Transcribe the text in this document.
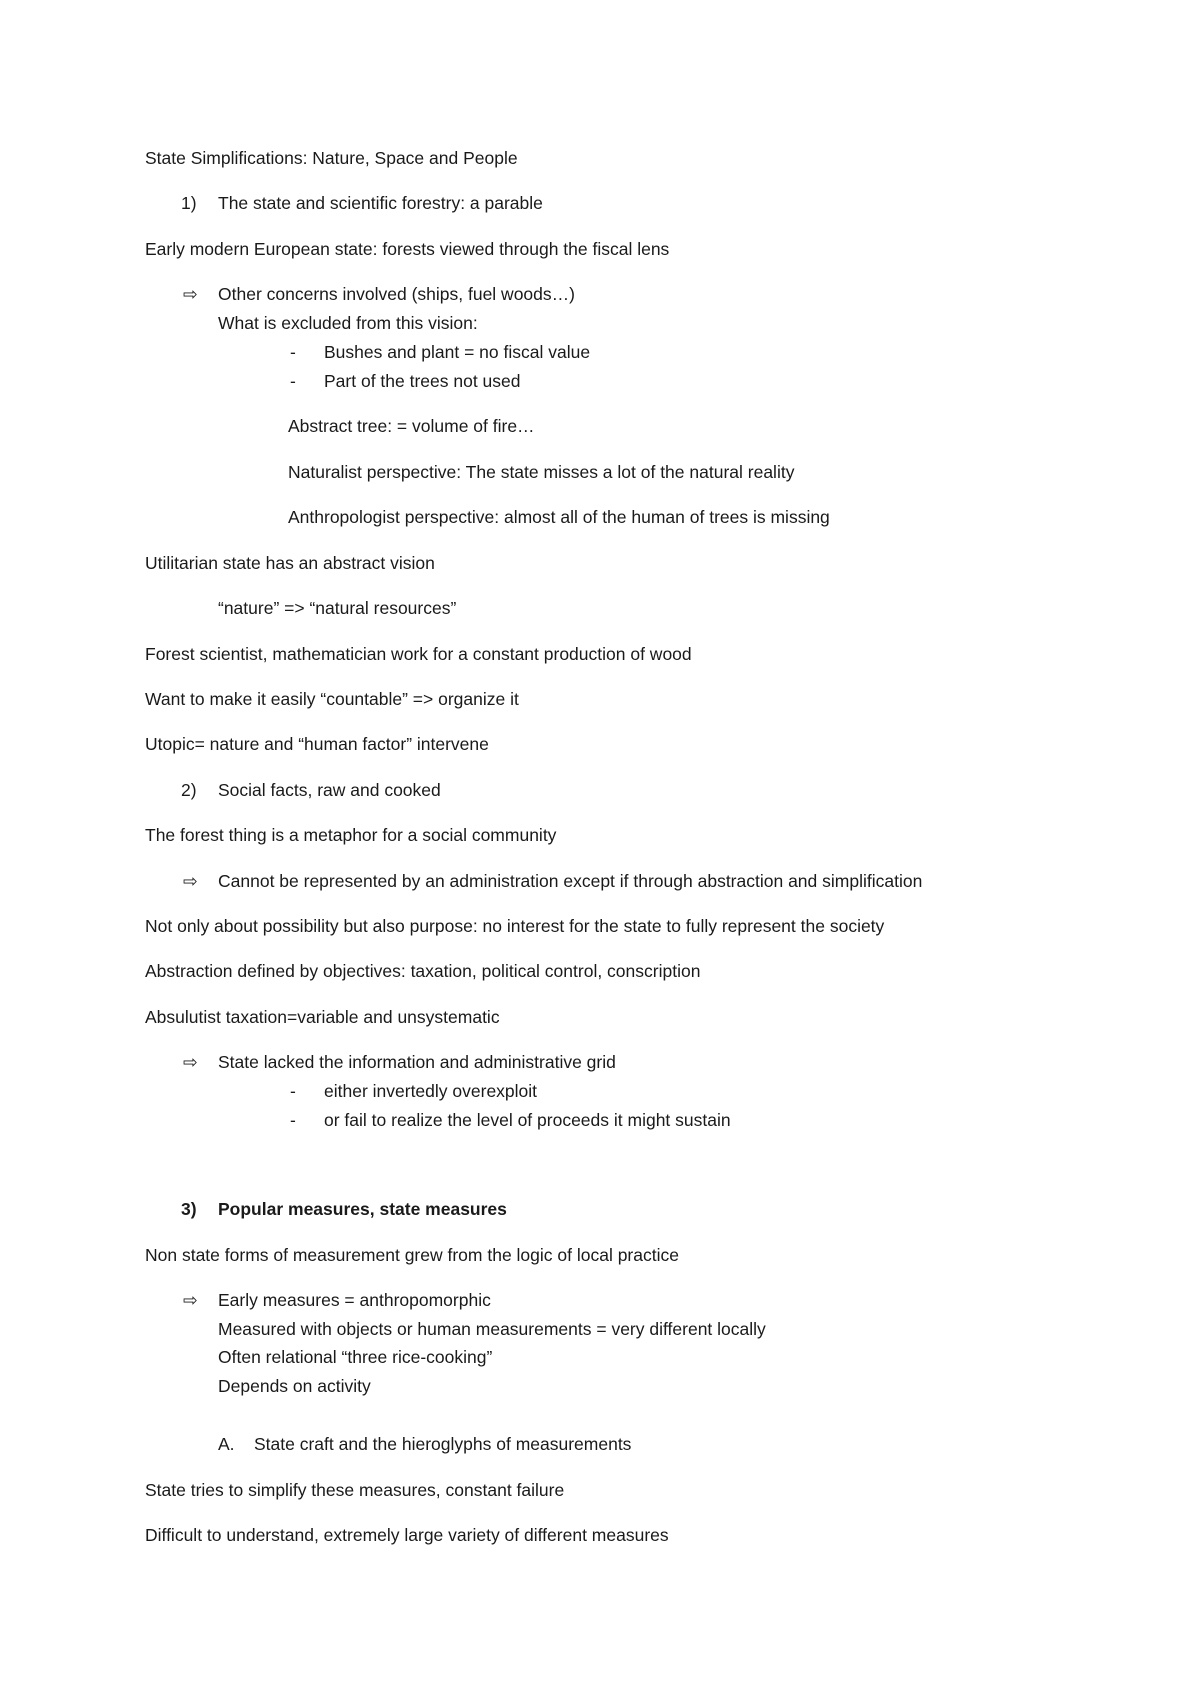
State Simplifications: Nature, Space and People
1) The state and scientific forestry: a parable
Early modern European state: forests viewed through the fiscal lens
⇨ Other concerns involved (ships, fuel woods…)
What is excluded from this vision:
- Bushes and plant = no fiscal value
- Part of the trees not used
Abstract tree: = volume of fire…
Naturalist perspective: The state misses a lot of the natural reality
Anthropologist perspective: almost all of the human of trees is missing
Utilitarian state has an abstract vision
“nature” => “natural resources”
Forest scientist, mathematician work for a constant production of wood
Want to make it easily “countable” => organize it
Utopic= nature and “human factor” intervene
2) Social facts, raw and cooked
The forest thing is a metaphor for a social community
⇨ Cannot be represented by an administration except if through abstraction and simplification
Not only about possibility but also purpose: no interest for the state to fully represent the society
Abstraction defined by objectives: taxation, political control, conscription
Absulutist taxation=variable and unsystematic
⇨ State lacked the information and administrative grid
- either invertedly overexploit
- or fail to realize the level of proceeds it might sustain
3) Popular measures, state measures
Non state forms of measurement grew from the logic of local practice
⇨ Early measures = anthropomorphic
Measured with objects or human measurements = very different locally
Often relational “three rice-cooking”
Depends on activity
A. State craft and the hieroglyphs of measurements
State tries to simplify these measures, constant failure
Difficult to understand, extremely large variety of different measures
